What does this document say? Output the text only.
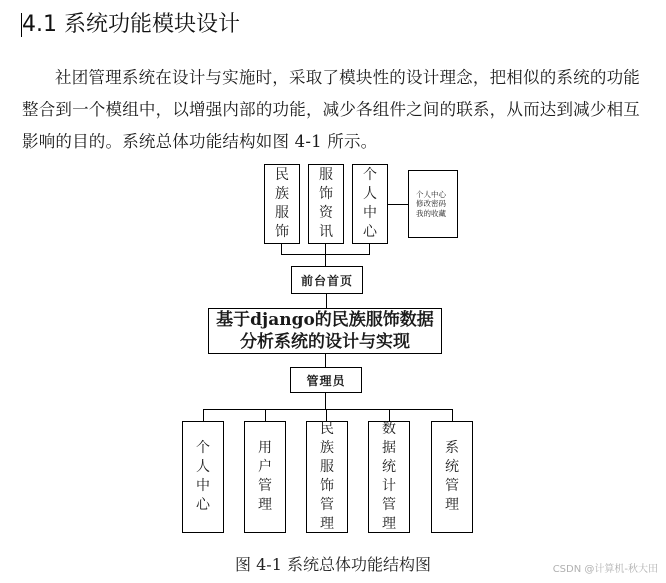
4.1 系统功能模块设计
社团管理系统在设计与实施时，采取了模块性的设计理念，把相似的系统的功能整合到一个模组中，以增强内部的功能，减少各组件之间的联系，从而达到减少相互影响的目的。系统总体功能结构如图 4-1 所示。
民族服饰
服饰资讯
个人中心
个人中心修改密码我的收藏
前台首页
基于django的民族服饰数据
分析系统的设计与实现
管理员
个人中心
用户管理
民族服饰管理
数据统计管理
系统管理
图 4-1 系统总体功能结构图	CSDN @计算机-秋大田
